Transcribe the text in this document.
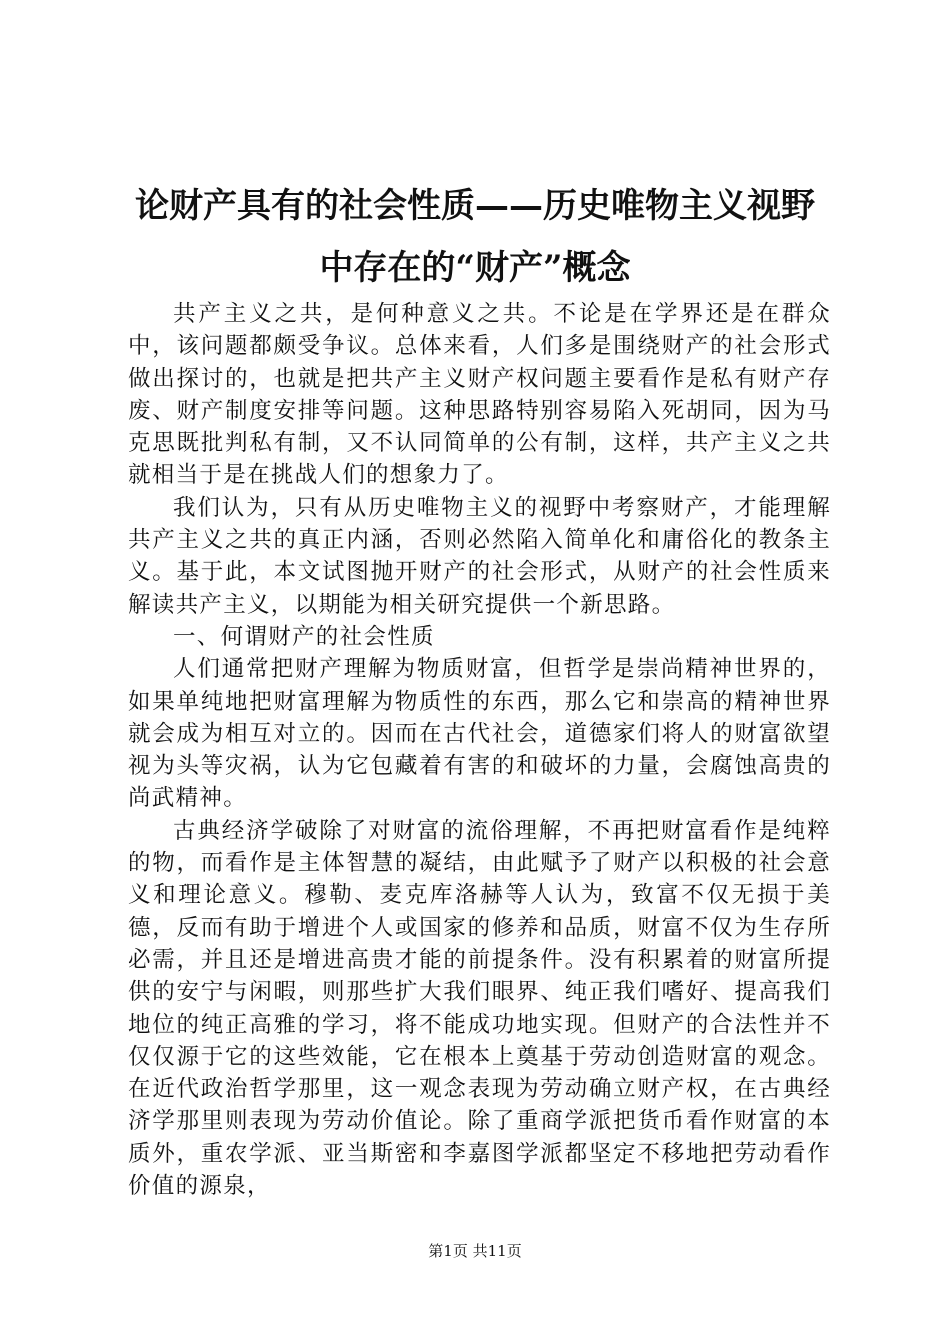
论财产具有的社会性质——历史唯物主义视野
中存在的“财产”概念

共产主义之共，是何种意义之共。不论是在学界还是在群众中，该问题都颇受争议。总体来看，人们多是围绕财产的社会形式做出探讨的，也就是把共产主义财产权问题主要看作是私有财产存废、财产制度安排等问题。这种思路特别容易陷入死胡同，因为马克思既批判私有制，又不认同简单的公有制，这样，共产主义之共就相当于是在挑战人们的想象力了。

我们认为，只有从历史唯物主义的视野中考察财产，才能理解共产主义之共的真正内涵，否则必然陷入简单化和庸俗化的教条主义。基于此，本文试图抛开财产的社会形式，从财产的社会性质来解读共产主义，以期能为相关研究提供一个新思路。

一、何谓财产的社会性质

人们通常把财产理解为物质财富，但哲学是崇尚精神世界的，如果单纯地把财富理解为物质性的东西，那么它和崇高的精神世界就会成为相互对立的。因而在古代社会，道德家们将人的财富欲望视为头等灾祸，认为它包藏着有害的和破坏的力量，会腐蚀高贵的尚武精神。

古典经济学破除了对财富的流俗理解，不再把财富看作是纯粹的物，而看作是主体智慧的凝结，由此赋予了财产以积极的社会意义和理论意义。穆勒、麦克库洛赫等人认为，致富不仅无损于美德，反而有助于增进个人或国家的修养和品质，财富不仅为生存所必需，并且还是增进高贵才能的前提条件。没有积累着的财富所提供的安宁与闲暇，则那些扩大我们眼界、纯正我们嗜好、提高我们地位的纯正高雅的学习，将不能成功地实现。但财产的合法性并不仅仅源于它的这些效能，它在根本上奠基于劳动创造财富的观念。在近代政治哲学那里，这一观念表现为劳动确立财产权，在古典经济学那里则表现为劳动价值论。除了重商学派把货币看作财富的本质外，重农学派、亚当斯密和李嘉图学派都坚定不移地把劳动看作价值的源泉，

第1页 共11页
